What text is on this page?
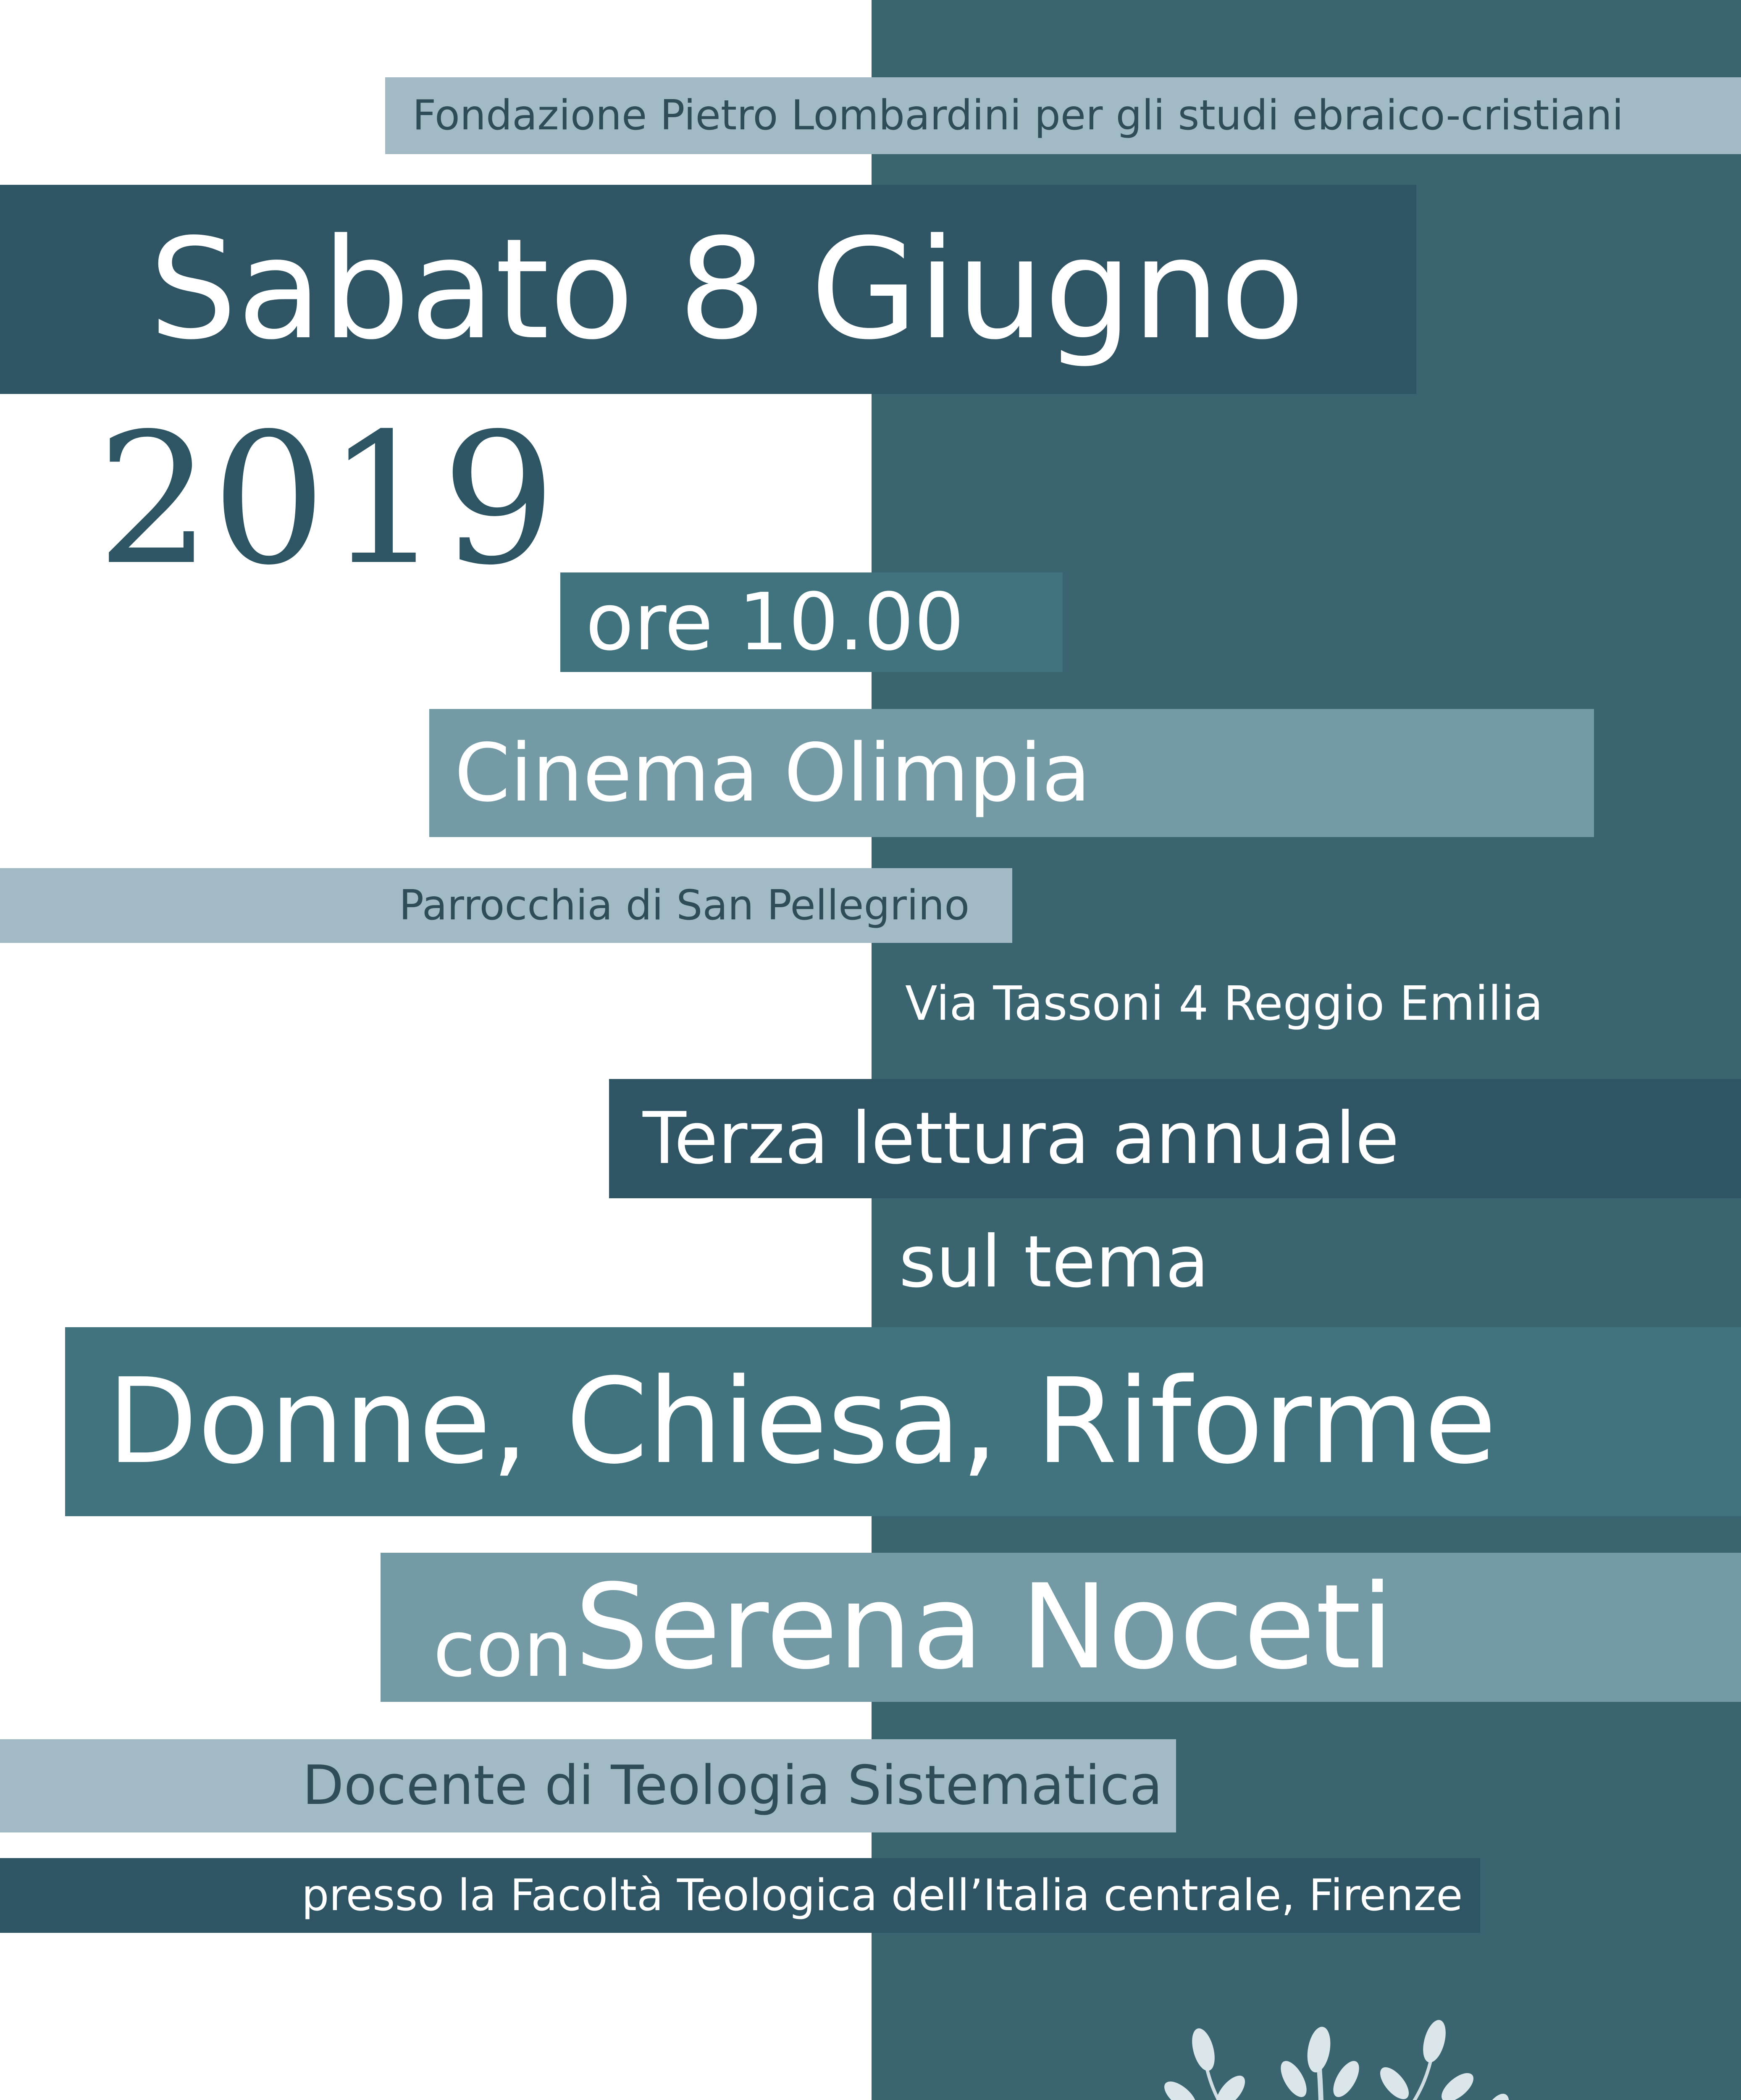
Fondazione Pietro Lombardini per gli studi ebraico-cristiani
Sabato 8 Giugno
2019
ore 10.00
Cinema Olimpia
Parrocchia di San Pellegrino
Via Tassoni 4 Reggio Emilia
Terza lettura annuale
sul tema
Donne, Chiesa, Riforme
con Serena Noceti
Docente di Teologia Sistematica
presso la Facoltà Teologica dell’Italia centrale, Firenze
